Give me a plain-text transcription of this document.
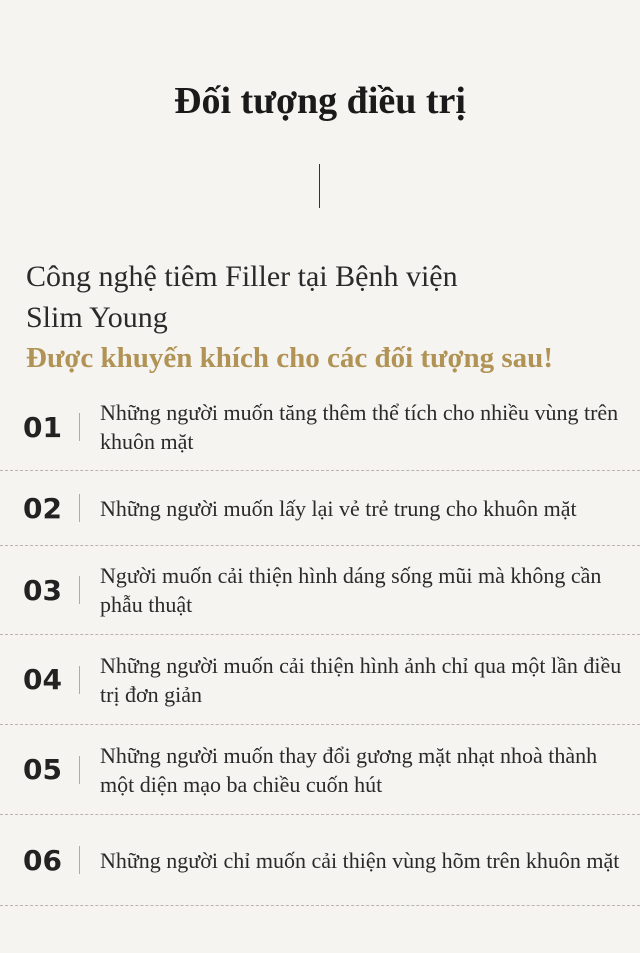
Đối tượng điều trị
Công nghệ tiêm Filler tại Bệnh viện
Slim Young
Được khuyến khích cho các đối tượng sau!
01	Những người muốn tăng thêm thể tích cho nhiều vùng trên khuôn mặt
02	Những người muốn lấy lại vẻ trẻ trung cho khuôn mặt
03	Người muốn cải thiện hình dáng sống mũi mà không cần phẫu thuật
04	Những người muốn cải thiện hình ảnh chỉ qua một lần điều trị đơn giản
05	Những người muốn thay đổi gương mặt nhạt nhoà thành một diện mạo ba chiều cuốn hút
06	Những người chỉ muốn cải thiện vùng hõm trên khuôn mặt
